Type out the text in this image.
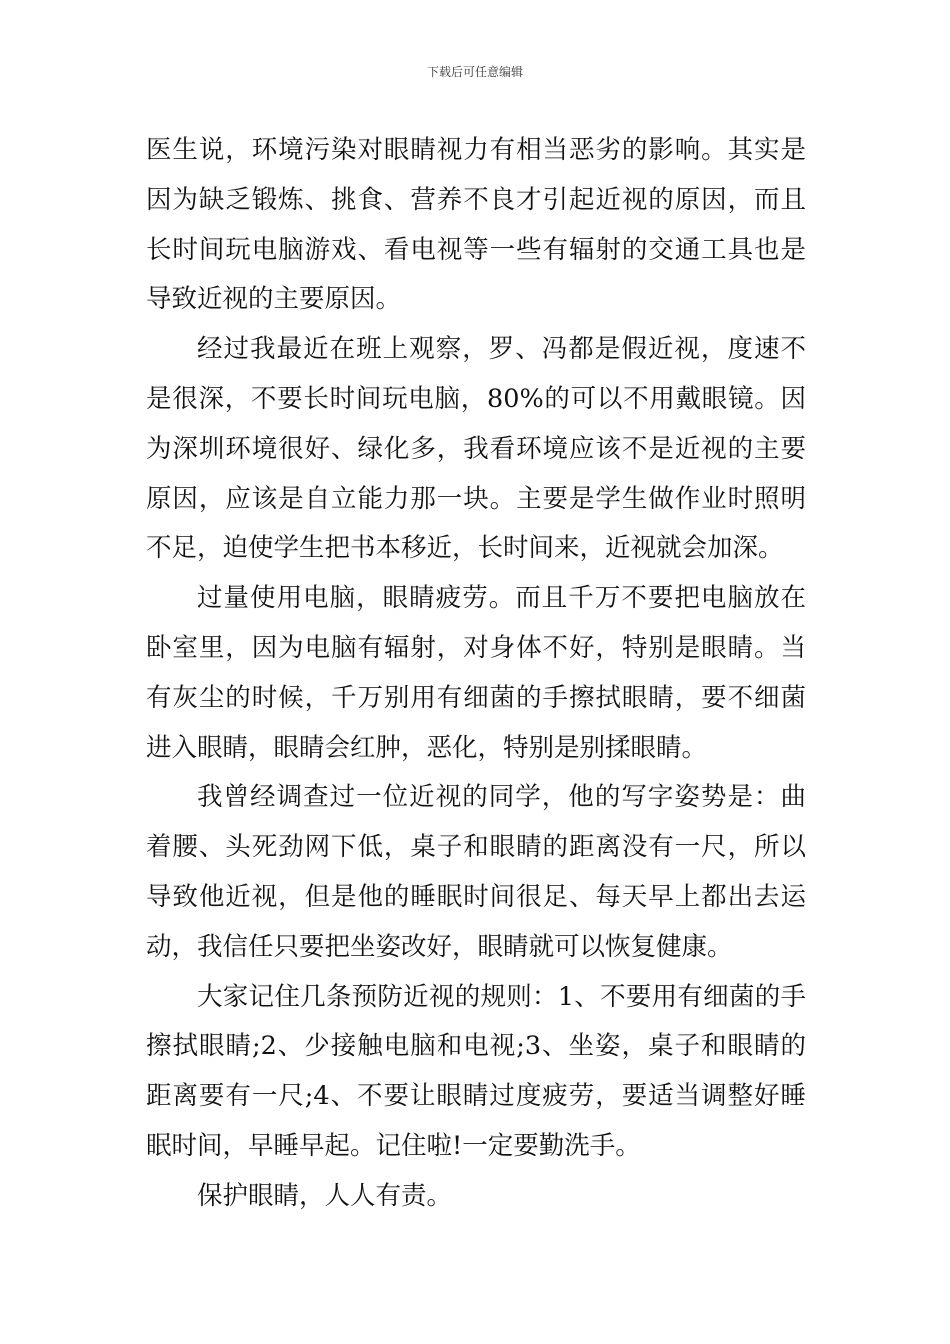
下载后可任意编辑

医生说，环境污染对眼睛视力有相当恶劣的影响。其实是因为缺乏锻炼、挑食、营养不良才引起近视的原因，而且长时间玩电脑游戏、看电视等一些有辐射的交通工具也是导致近视的主要原因。

经过我最近在班上观察，罗、冯都是假近视，度速不是很深，不要长时间玩电脑，80%的可以不用戴眼镜。因为深圳环境很好、绿化多，我看环境应该不是近视的主要原因，应该是自立能力那一块。主要是学生做作业时照明不足，迫使学生把书本移近，长时间来，近视就会加深。

过量使用电脑，眼睛疲劳。而且千万不要把电脑放在卧室里，因为电脑有辐射，对身体不好，特别是眼睛。当有灰尘的时候，千万别用有细菌的手擦拭眼睛，要不细菌进入眼睛，眼睛会红肿，恶化，特别是别揉眼睛。

我曾经调查过一位近视的同学，他的写字姿势是：曲着腰、头死劲网下低，桌子和眼睛的距离没有一尺，所以导致他近视，但是他的睡眠时间很足、每天早上都出去运动，我信任只要把坐姿改好，眼睛就可以恢复健康。

大家记住几条预防近视的规则：1、不要用有细菌的手擦拭眼睛;2、少接触电脑和电视;3、坐姿，桌子和眼睛的距离要有一尺;4、不要让眼睛过度疲劳，要适当调整好睡眠时间，早睡早起。记住啦!一定要勤洗手。

保护眼睛，人人有责。
